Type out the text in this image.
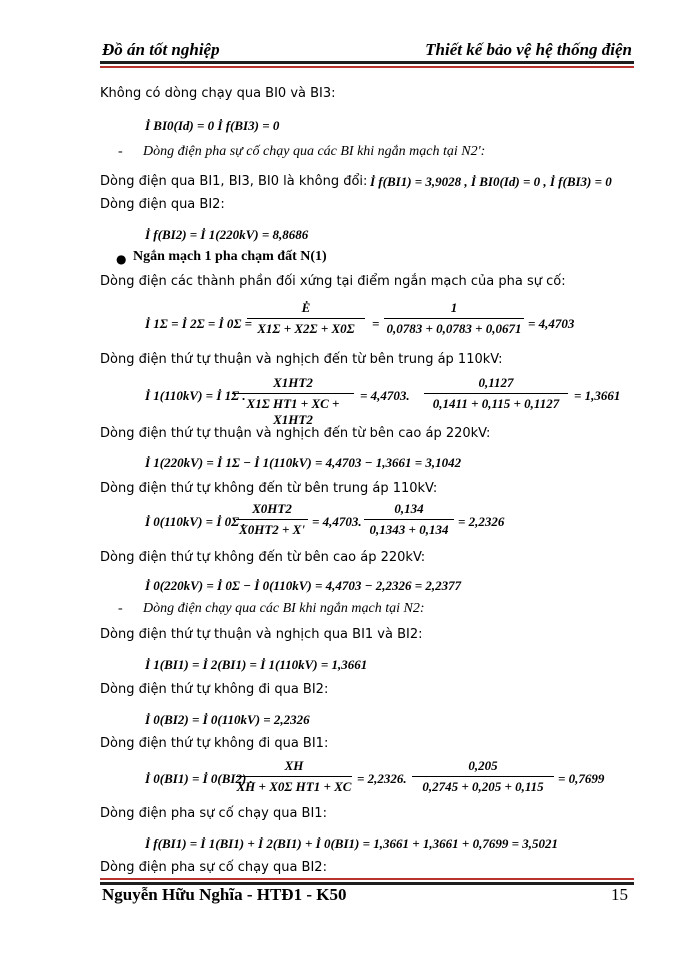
Đồ án tốt nghiệp	Thiết kế bảo vệ hệ thống điện
Không có dòng chạy qua BI0 và BI3:
İ BI0(Id) = 0 İ f(BI3) = 0
- Dòng điện pha sự cố chạy qua các BI khi ngắn mạch tại N2':
Dòng điện qua BI1, BI3, BI0 là không đổi: İ f(BI1) = 3,9028 , İ BI0(Id) = 0 , İ f(BI3) = 0
Dòng điện qua BI2:
İ f(BI2) = İ 1(220kV) = 8,8686
● Ngắn mạch 1 pha chạm đất N(1)
Dòng điện các thành phần đối xứng tại điểm ngắn mạch của pha sự cố:
İ 1Σ = İ 2Σ = İ 0Σ =
$\frac{Ė}{X1\Sigma + X2\Sigma + X0\Sigma} = \frac{1}{0,0783 + 0,0783 + 0,0671} = 4,4703$
Dòng điện thứ tự thuận và nghịch đến từ bên trung áp 110kV:
İ 1(110kV) = İ 1Σ .
$\frac{X1HT2}{\text{X1Σ HT1 + XC + X1HT2}} = 4,4703$. $\frac{0,1127}{0,1411 + 0,115 + 0,1127} = 1,3661$
Dòng điện thứ tự thuận và nghịch đến từ bên cao áp 220kV:
İ 1(220kV) = İ 1Σ − İ 1(110kV) = 4,4703 − 1,3661 = 3,1042
Dòng điện thứ tự không đến từ bên trung áp 110kV:
İ 0(110kV) = İ 0Σ .
$\frac{X0HT2}{X0HT2 + X'} = 4,4703$. $\frac{0,134}{0,1343 + 0,134} = 2,2326$
Dòng điện thứ tự không đến từ bên cao áp 220kV:
İ 0(220kV) = İ 0Σ − İ 0(110kV) = 4,4703 − 2,2326 = 2,2377
- Dòng điện chạy qua các BI khi ngắn mạch tại N2:
Dòng điện thứ tự thuận và nghịch qua BI1 và BI2:
İ 1(BI1) = İ 2(BI1) = İ 1(110kV) = 1,3661
Dòng điện thứ tự không đi qua BI2:
İ 0(BI2) = İ 0(110kV) = 2,2326
Dòng điện thứ tự không đi qua BI1:
İ 0(BI1) = İ 0(BI2) .
$\frac{XH}{\text{XH + X0Σ HT1 + XC}} = 2,2326$. $\frac{0,205}{0,2745 + 0,205 + 0,115} = 0,7699$
Dòng điện pha sự cố chạy qua BI1:
İ f(BI1) = İ 1(BI1) + İ 2(BI1) + İ 0(BI1) = 1,3661 + 1,3661 + 0,7699 = 3,5021
Dòng điện pha sự cố chạy qua BI2:
Nguyễn Hữu Nghĩa - HTĐ1 - K50	15
